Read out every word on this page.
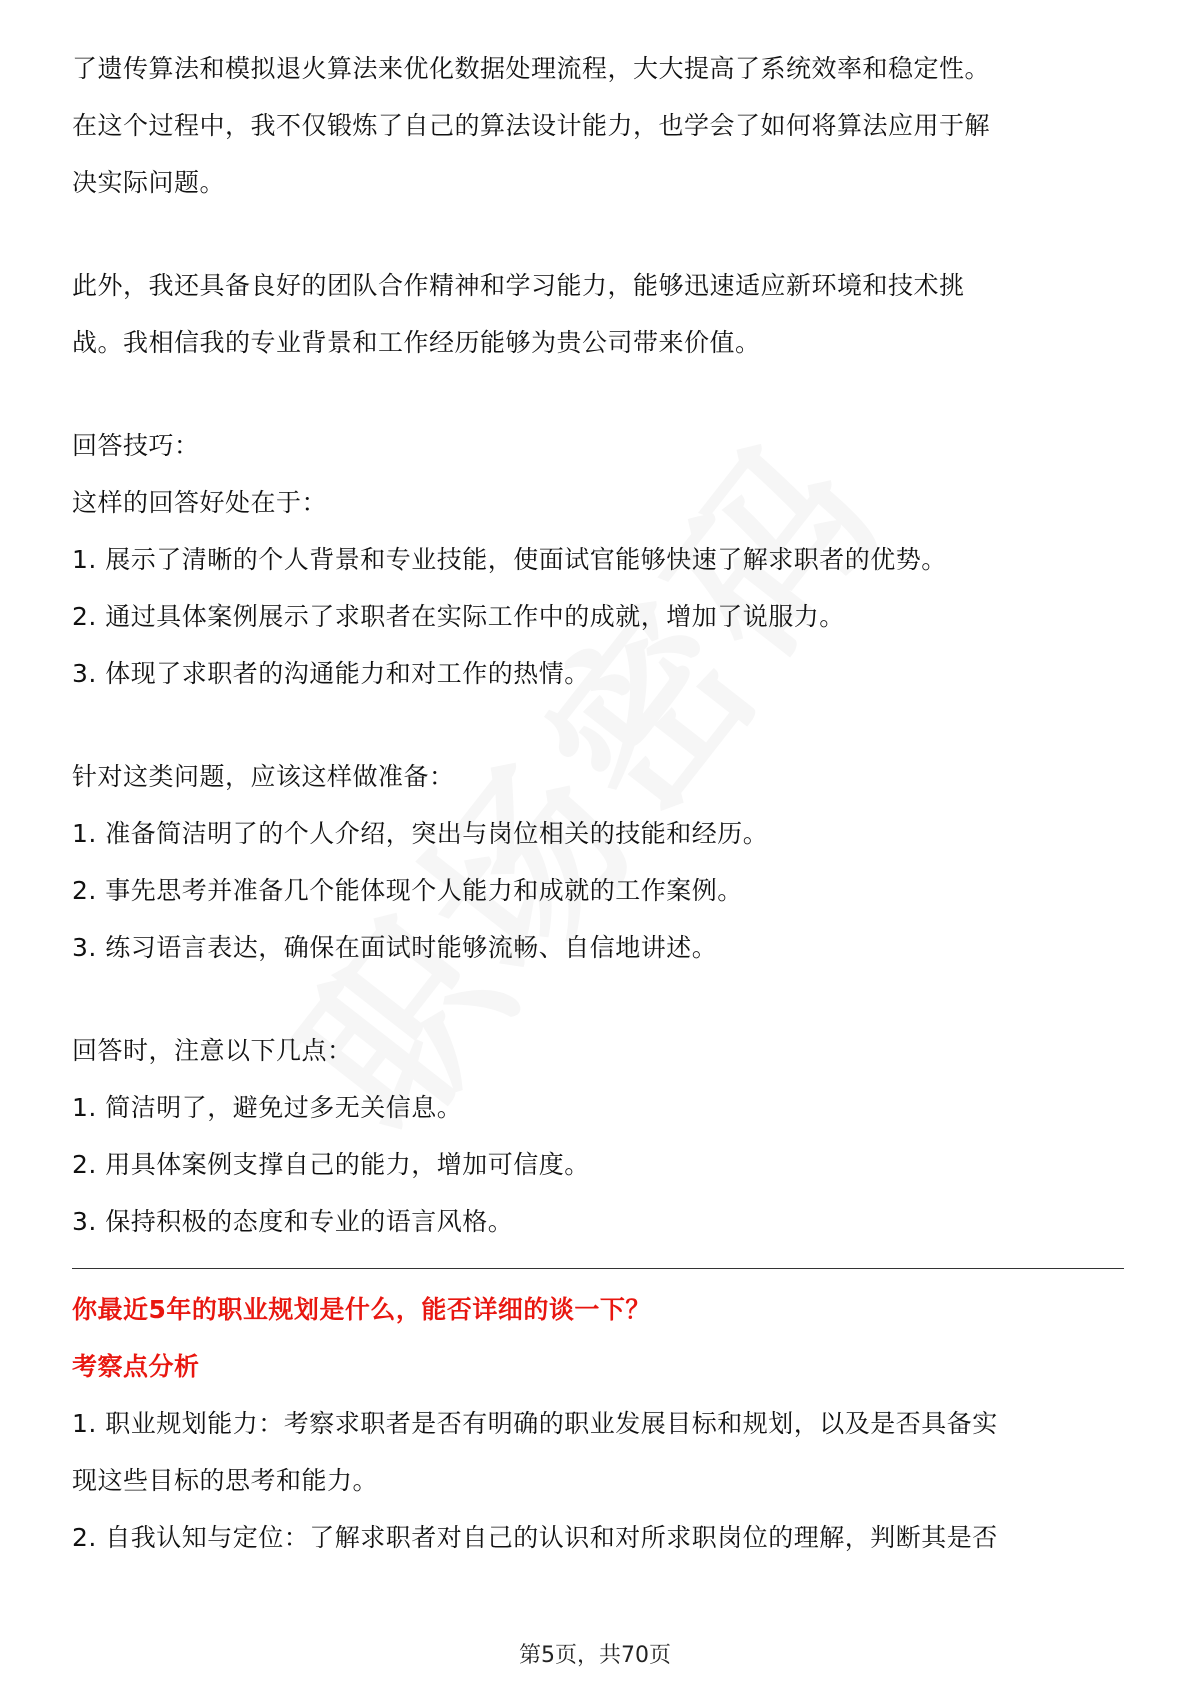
了遗传算法和模拟退火算法来优化数据处理流程，大大提高了系统效率和稳定性。
在这个过程中，我不仅锻炼了自己的算法设计能力，也学会了如何将算法应用于解
决实际问题。
此外，我还具备良好的团队合作精神和学习能力，能够迅速适应新环境和技术挑
战。我相信我的专业背景和工作经历能够为贵公司带来价值。
回答技巧：
这样的回答好处在于：
1. 展示了清晰的个人背景和专业技能，使面试官能够快速了解求职者的优势。
2. 通过具体案例展示了求职者在实际工作中的成就，增加了说服力。
3. 体现了求职者的沟通能力和对工作的热情。
针对这类问题，应该这样做准备：
1. 准备简洁明了的个人介绍，突出与岗位相关的技能和经历。
2. 事先思考并准备几个能体现个人能力和成就的工作案例。
3. 练习语言表达，确保在面试时能够流畅、自信地讲述。
回答时，注意以下几点：
1. 简洁明了，避免过多无关信息。
2. 用具体案例支撑自己的能力，增加可信度。
3. 保持积极的态度和专业的语言风格。
你最近5年的职业规划是什么，能否详细的谈一下？
考察点分析
1. 职业规划能力：考察求职者是否有明确的职业发展目标和规划，以及是否具备实
现这些目标的思考和能力。
2. 自我认知与定位：了解求职者对自己的认识和对所求职岗位的理解，判断其是否
第5页，共70页
